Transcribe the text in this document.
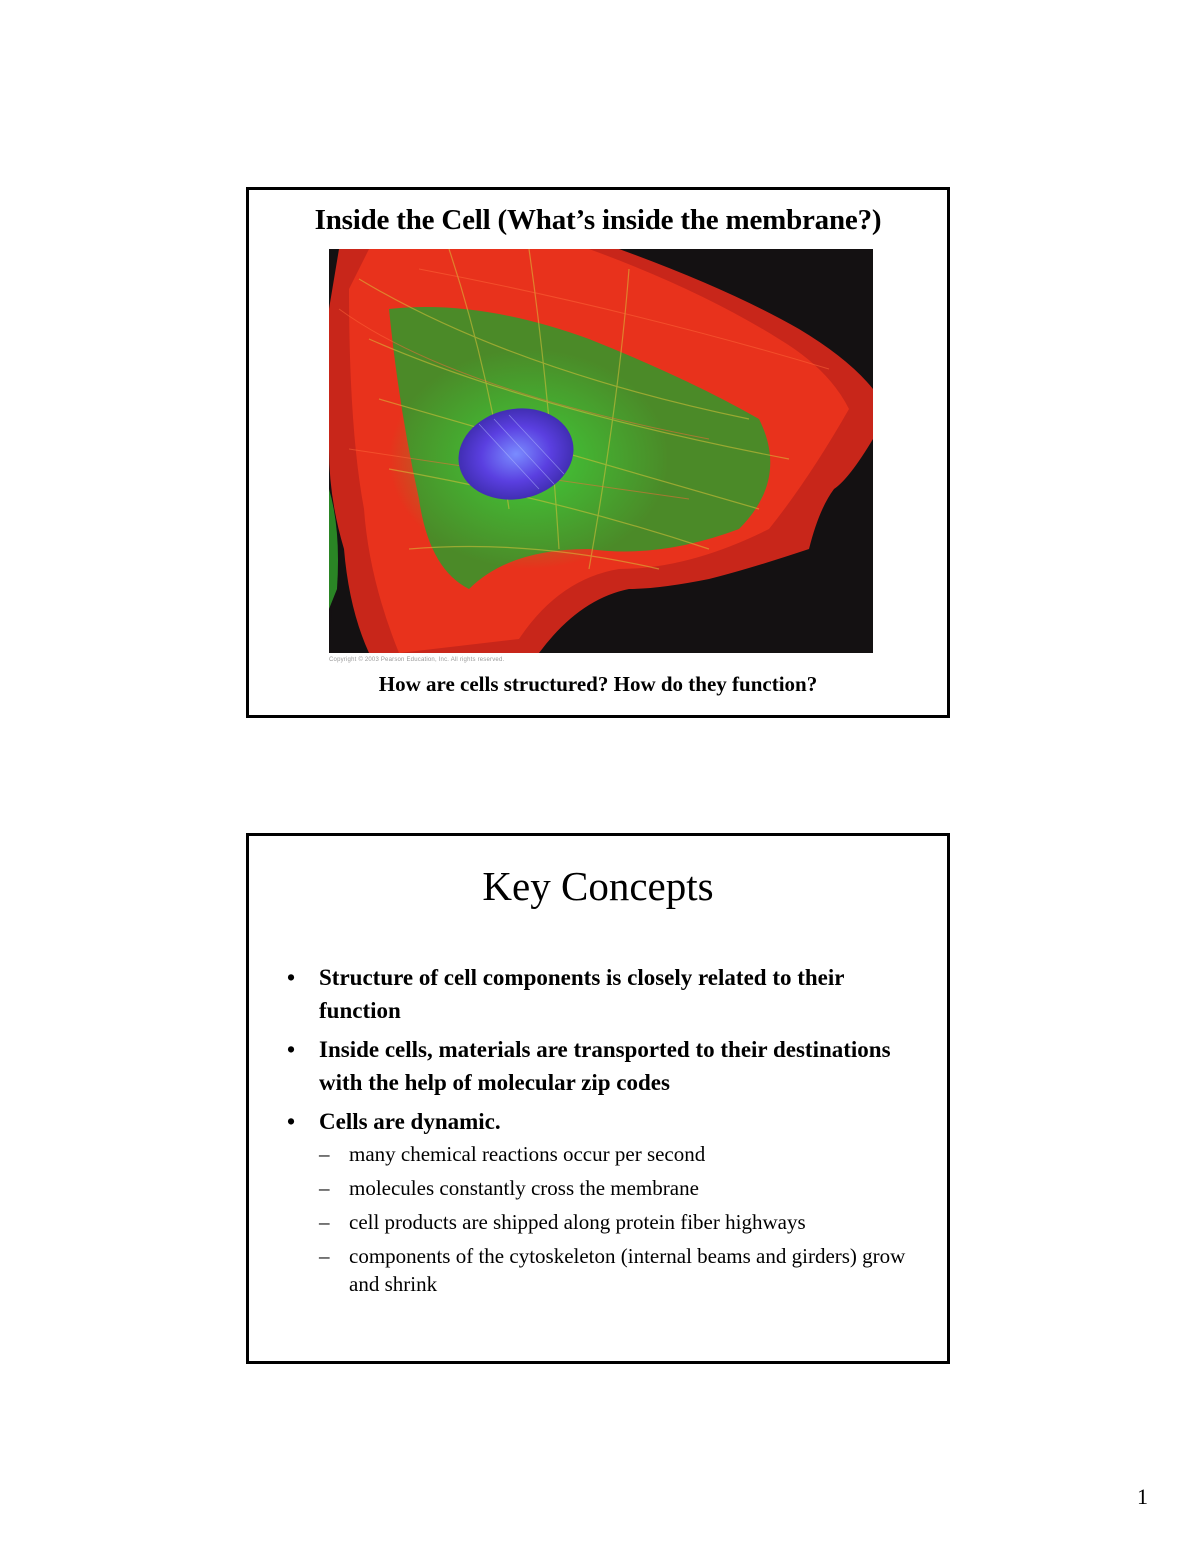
Inside the Cell (What’s inside the membrane?)
Copyright © 2003 Pearson Education, Inc. All rights reserved.
How are cells structured? How do they function?
Key Concepts
• Structure of cell components is closely related to their function
• Inside cells, materials are transported to their destinations with the help of molecular zip codes
• Cells are dynamic.
– many chemical reactions occur per second
– molecules constantly cross the membrane
– cell products are shipped along protein fiber highways
– components of the cytoskeleton (internal beams and girders) grow and shrink
1
